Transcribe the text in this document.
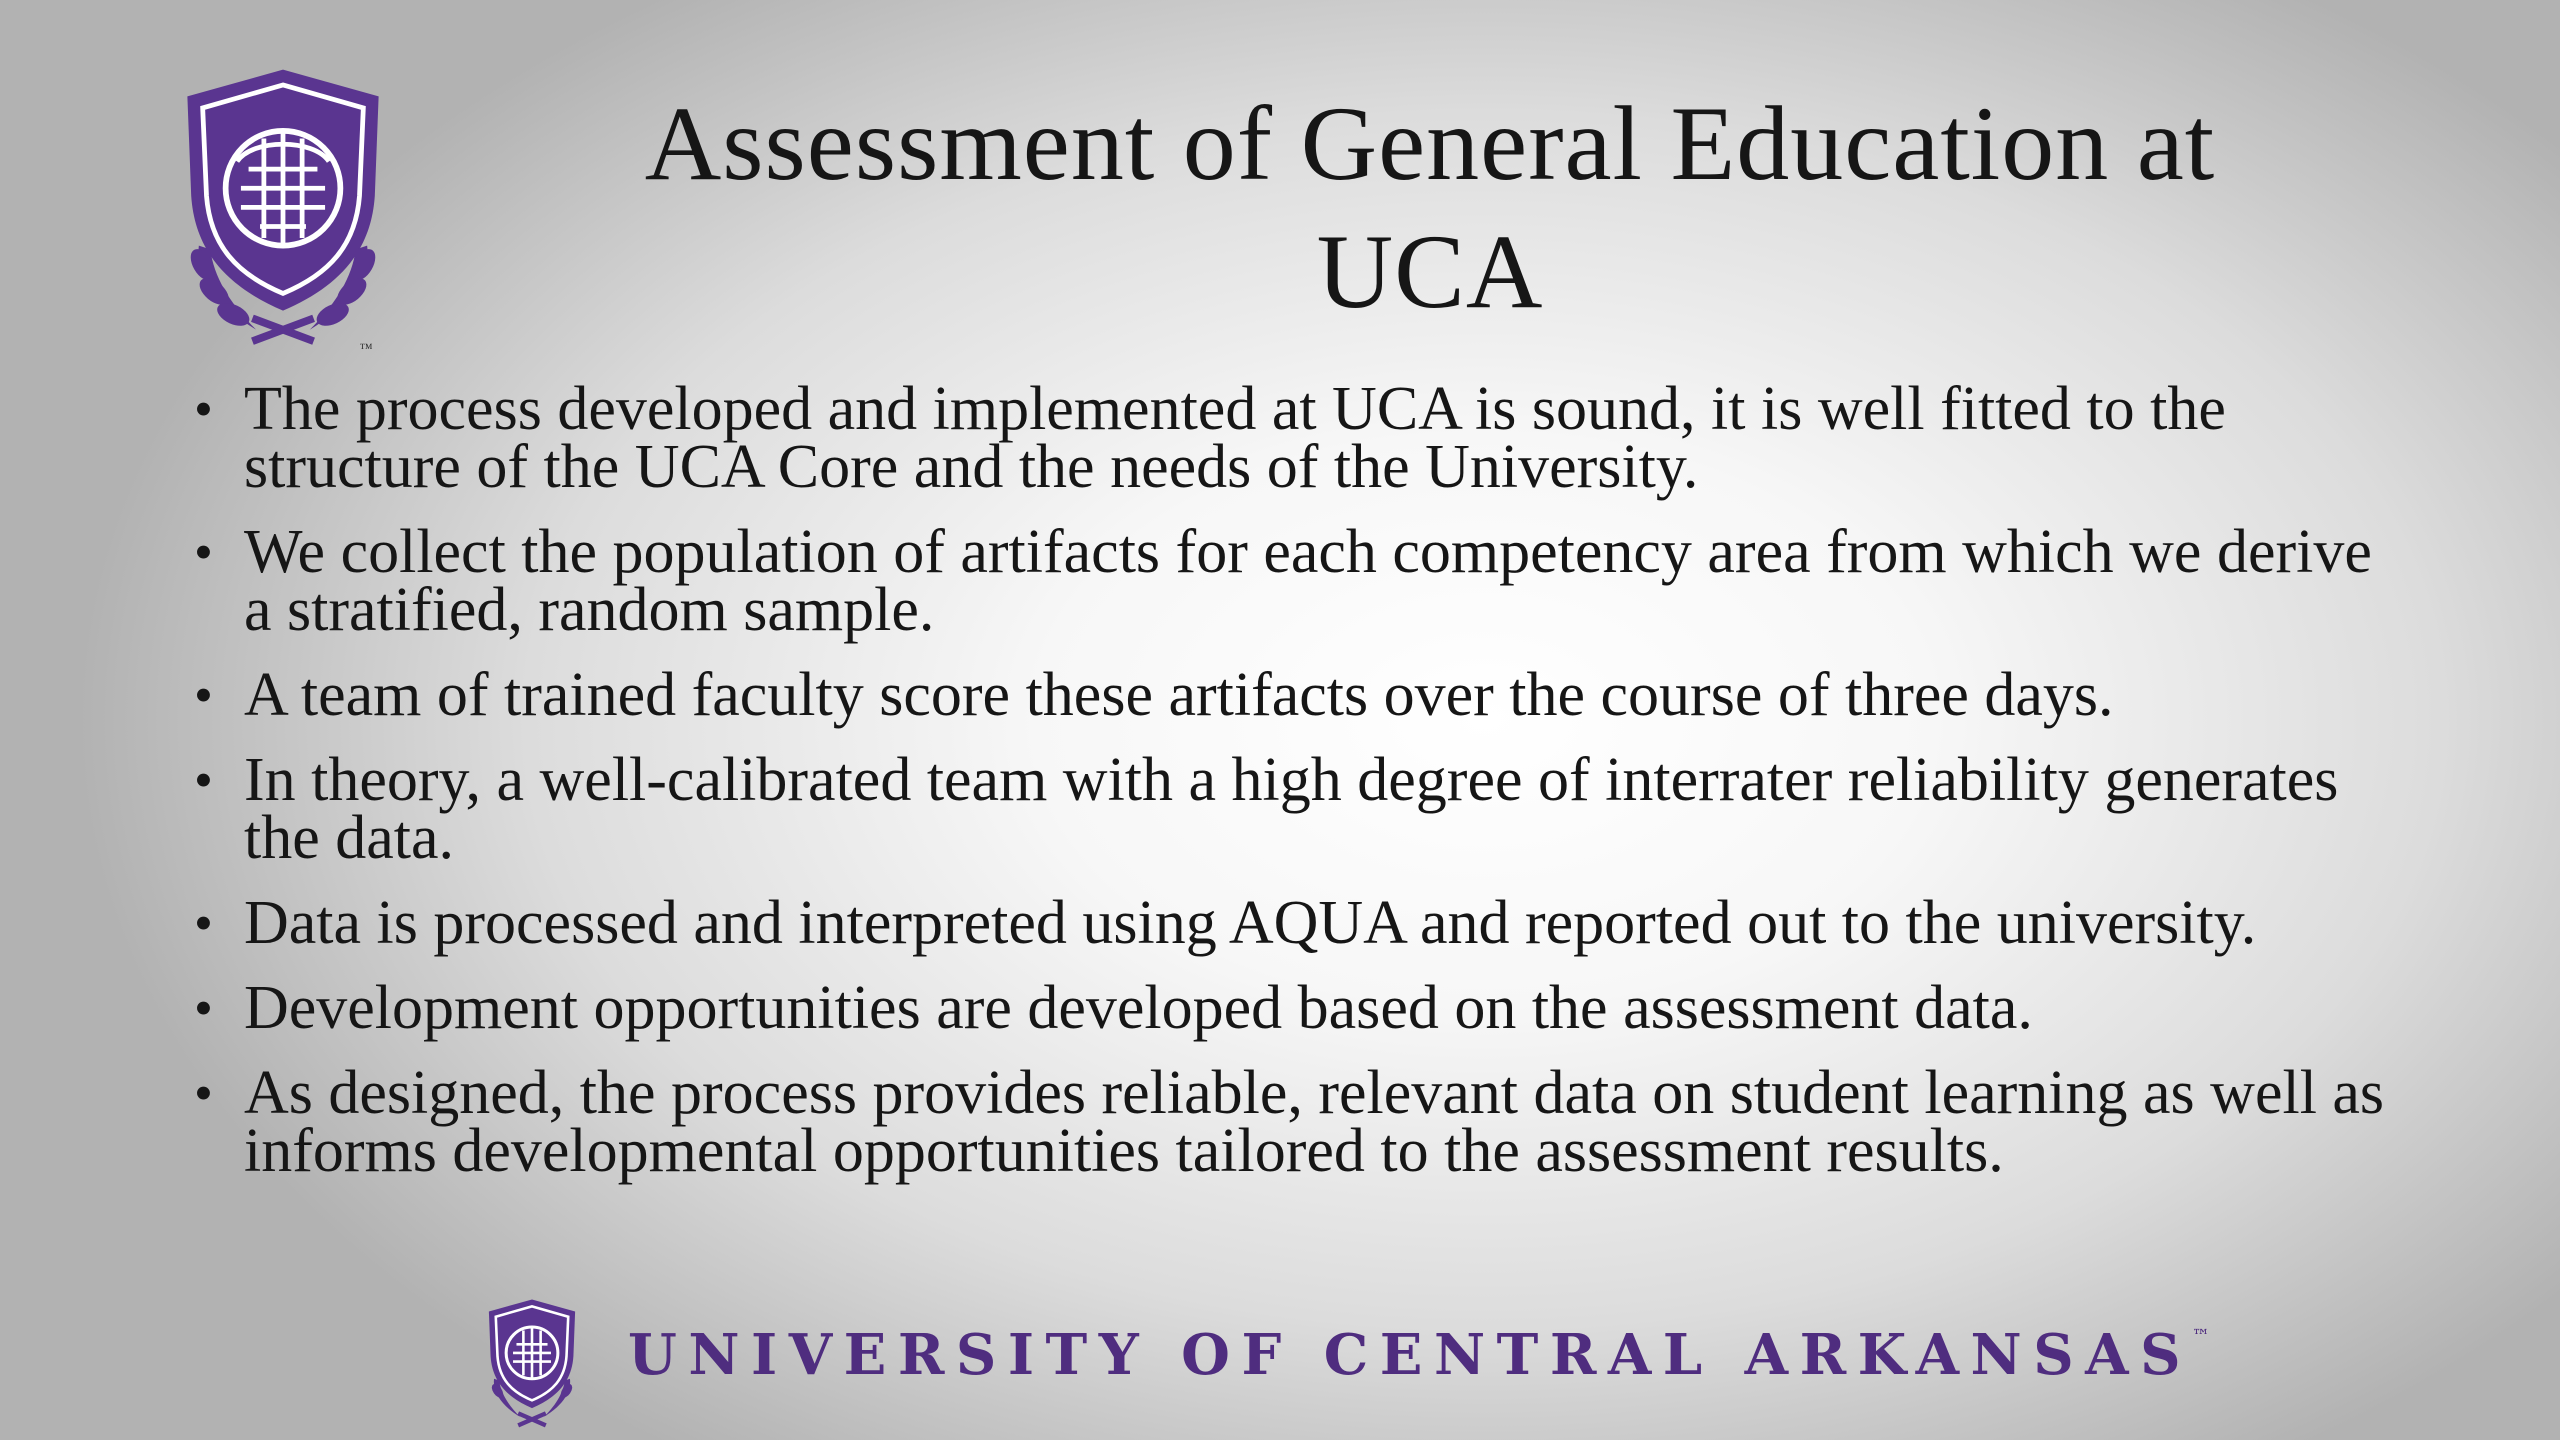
™
Assessment of General Education at UCA
• The process developed and implemented at UCA is sound, it is well fitted to the structure of the UCA Core and the needs of the University.
• We collect the population of artifacts for each competency area from which we derive a stratified, random sample.
• A team of trained faculty score these artifacts over the course of three days.
• In theory, a well-calibrated team with a high degree of interrater reliability generates the data.
• Data is processed and interpreted using AQUA and reported out to the university.
• Development opportunities are developed based on the assessment data.
• As designed, the process provides reliable, relevant data on student learning as well as informs developmental opportunities tailored to the assessment results.
UNIVERSITY OF CENTRAL ARKANSAS™
